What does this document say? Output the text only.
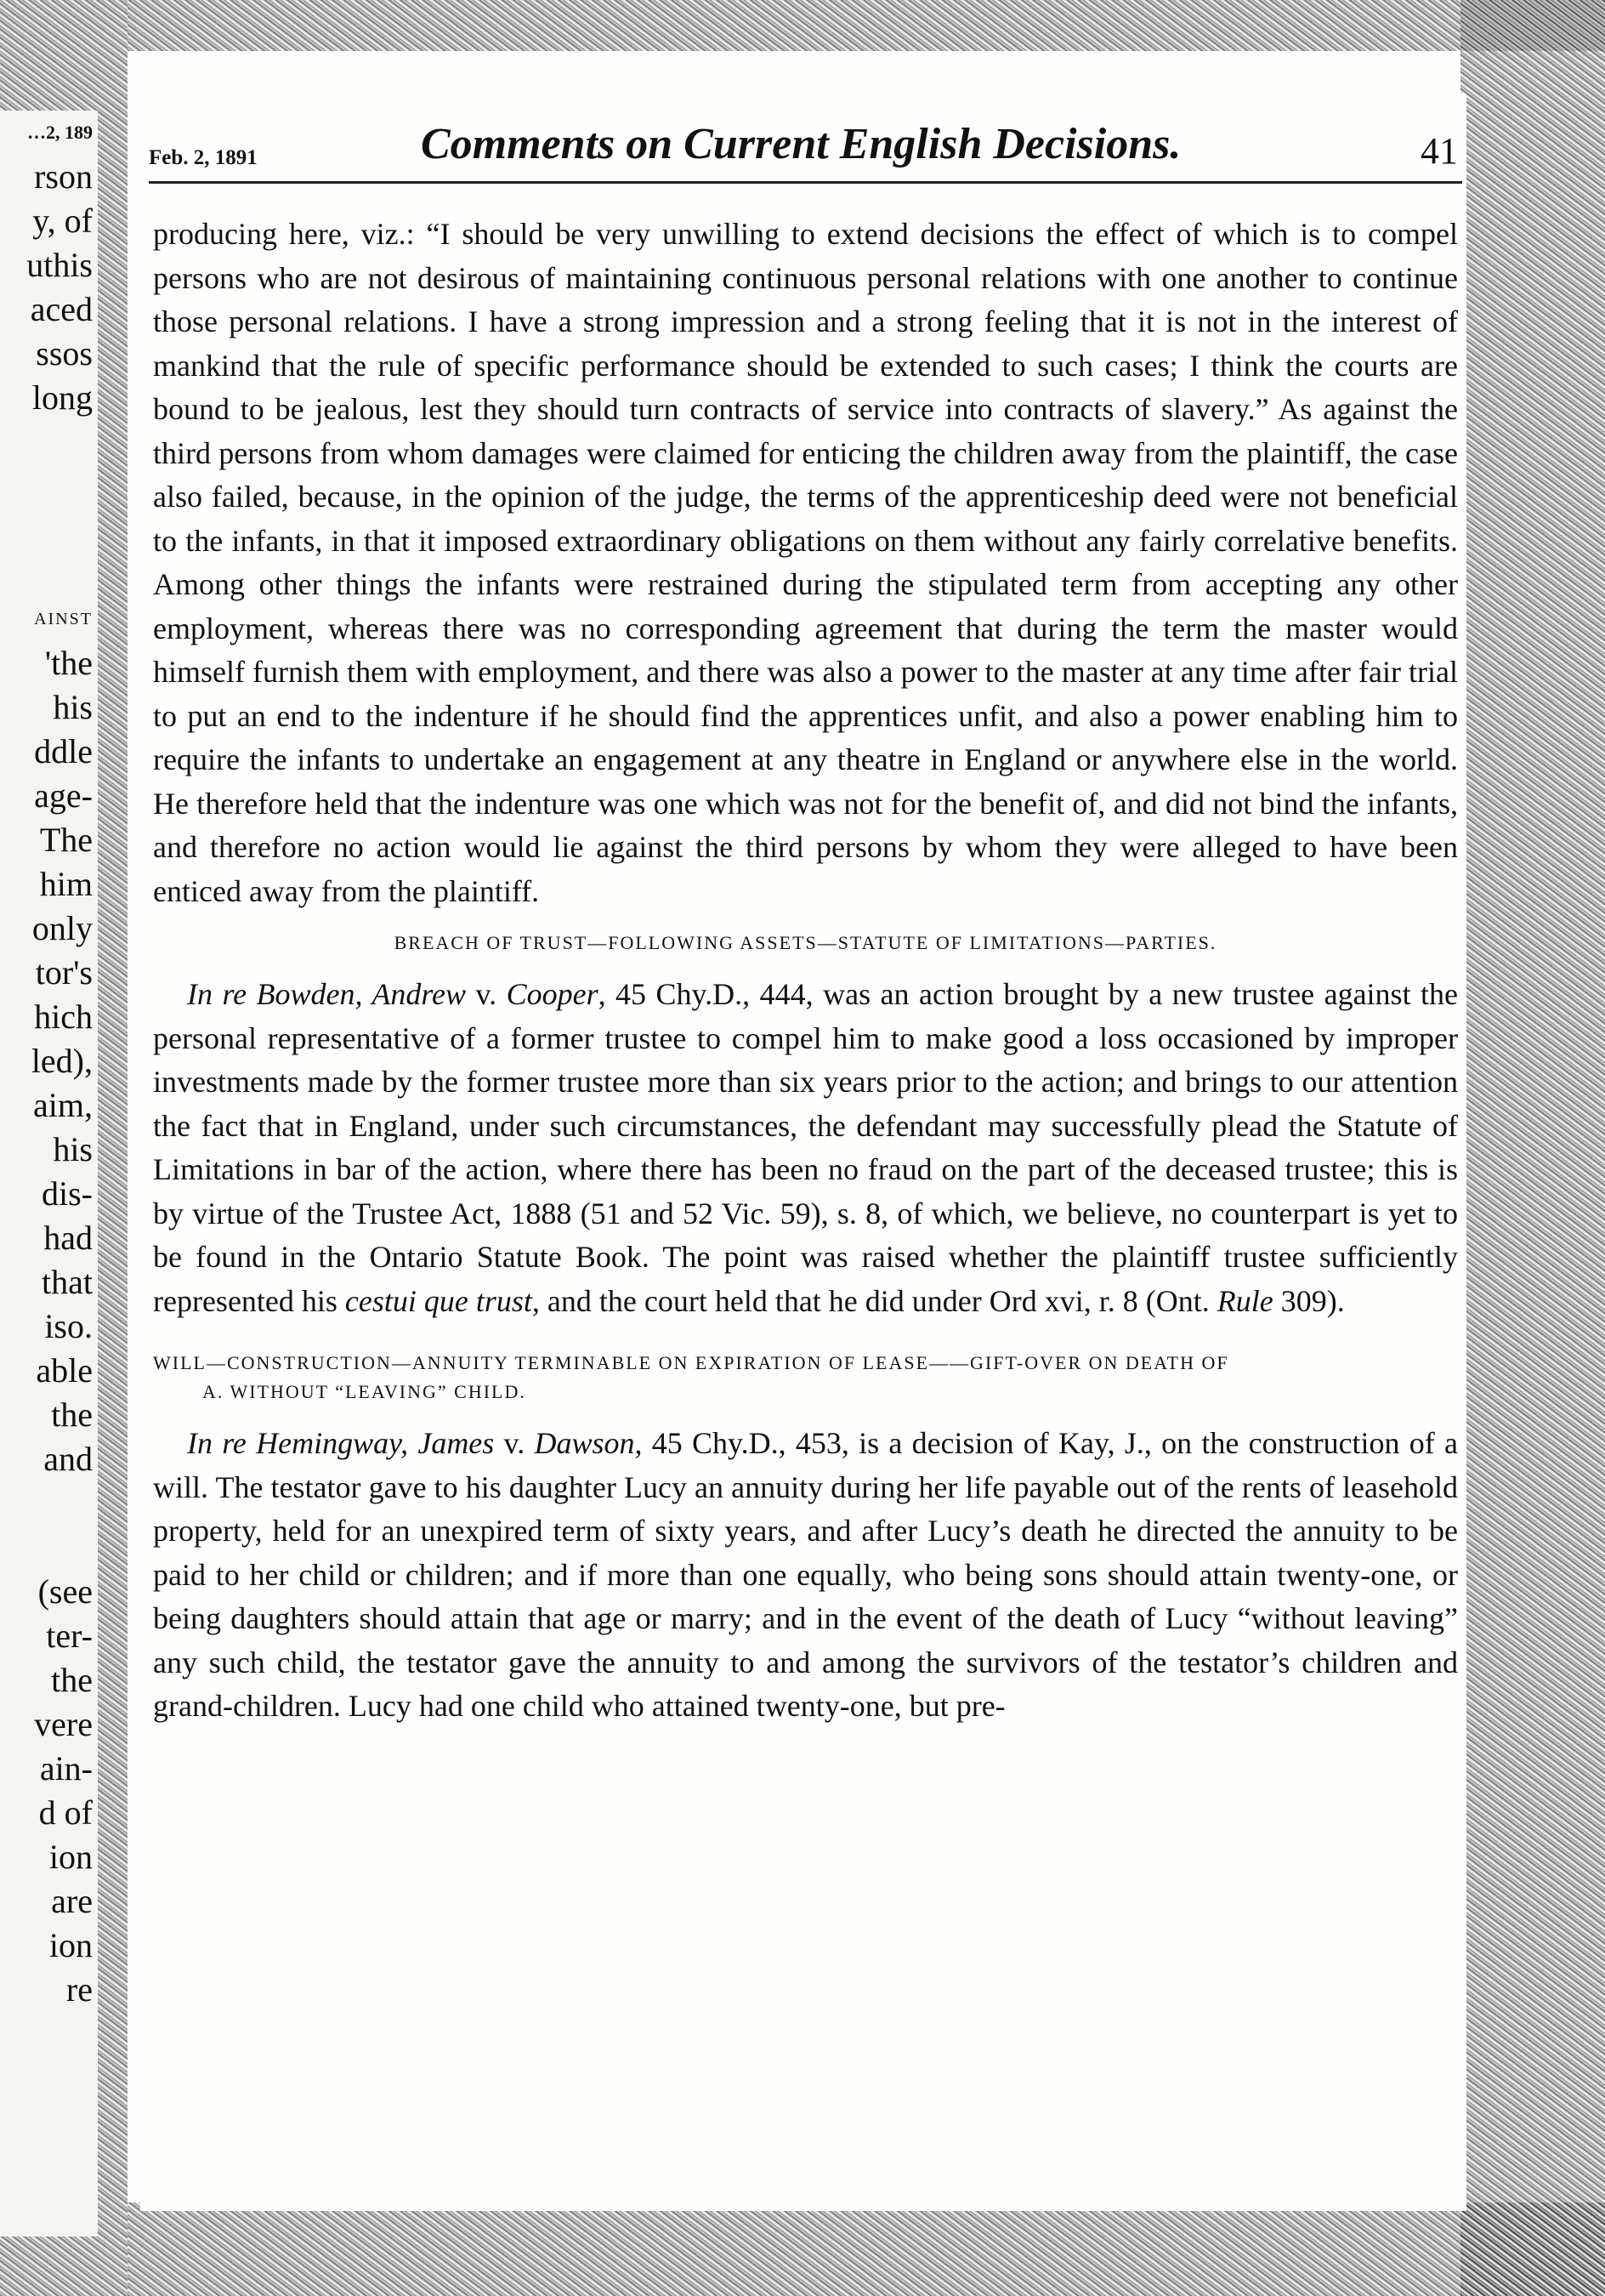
…2, 189
rson
y, of
uthis
aced
ssos
long
AINST
'the
his
ddle
age-
The
him
only
tor's
hich
led),
aim,
his
dis-
had
that
iso.
able
the
and
(see
ter-
the
vere
ain-
d of
ion
are
ion
re
Feb. 2, 1891	Comments on Current English Decisions.	41

producing here, viz.: “I should be very unwilling to extend decisions the effect of which is to compel persons who are not desirous of maintaining continuous personal relations with one another to continue those personal relations. I have a strong impression and a strong feeling that it is not in the interest of mankind that the rule of specific performance should be extended to such cases; I think the courts are bound to be jealous, lest they should turn contracts of service into contracts of slavery.” As against the third persons from whom damages were claimed for enticing the children away from the plaintiff, the case also failed, because, in the opinion of the judge, the terms of the apprenticeship deed were not beneficial to the infants, in that it imposed extraordinary obligations on them without any fairly correlative benefits. Among other things the infants were restrained during the stipulated term from accepting any other employment, whereas there was no corresponding agreement that during the term the master would himself furnish them with employment, and there was also a power to the master at any time after fair trial to put an end to the indenture if he should find the apprentices unfit, and also a power enabling him to require the infants to undertake an engagement at any theatre in England or anywhere else in the world. He therefore held that the indenture was one which was not for the benefit of, and did not bind the infants, and therefore no action would lie against the third persons by whom they were alleged to have been enticed away from the plaintiff.

BREACH OF TRUST—FOLLOWING ASSETS—STATUTE OF LIMITATIONS—PARTIES.

In re Bowden, Andrew v. Cooper, 45 Chy.D., 444, was an action brought by a new trustee against the personal representative of a former trustee to compel him to make good a loss occasioned by improper investments made by the former trustee more than six years prior to the action; and brings to our attention the fact that in England, under such circumstances, the defendant may successfully plead the Statute of Limitations in bar of the action, where there has been no fraud on the part of the deceased trustee; this is by virtue of the Trustee Act, 1888 (51 and 52 Vic. 59), s. 8, of which, we believe, no counterpart is yet to be found in the Ontario Statute Book. The point was raised whether the plaintiff trustee sufficiently represented his cestui que trust, and the court held that he did under Ord xvi, r. 8 (Ont. Rule 309).

WILL—CONSTRUCTION—ANNUITY TERMINABLE ON EXPIRATION OF LEASE——GIFT-OVER ON DEATH OF
A. WITHOUT “LEAVING” CHILD.

In re Hemingway, James v. Dawson, 45 Chy.D., 453, is a decision of Kay, J., on the construction of a will. The testator gave to his daughter Lucy an annuity during her life payable out of the rents of leasehold property, held for an unexpired term of sixty years, and after Lucy’s death he directed the annuity to be paid to her child or children; and if more than one equally, who being sons should attain twenty-one, or being daughters should attain that age or marry; and in the event of the death of Lucy “without leaving” any such child, the testator gave the annuity to and among the survivors of the testator’s children and grand-children. Lucy had one child who attained twenty-one, but pre-
